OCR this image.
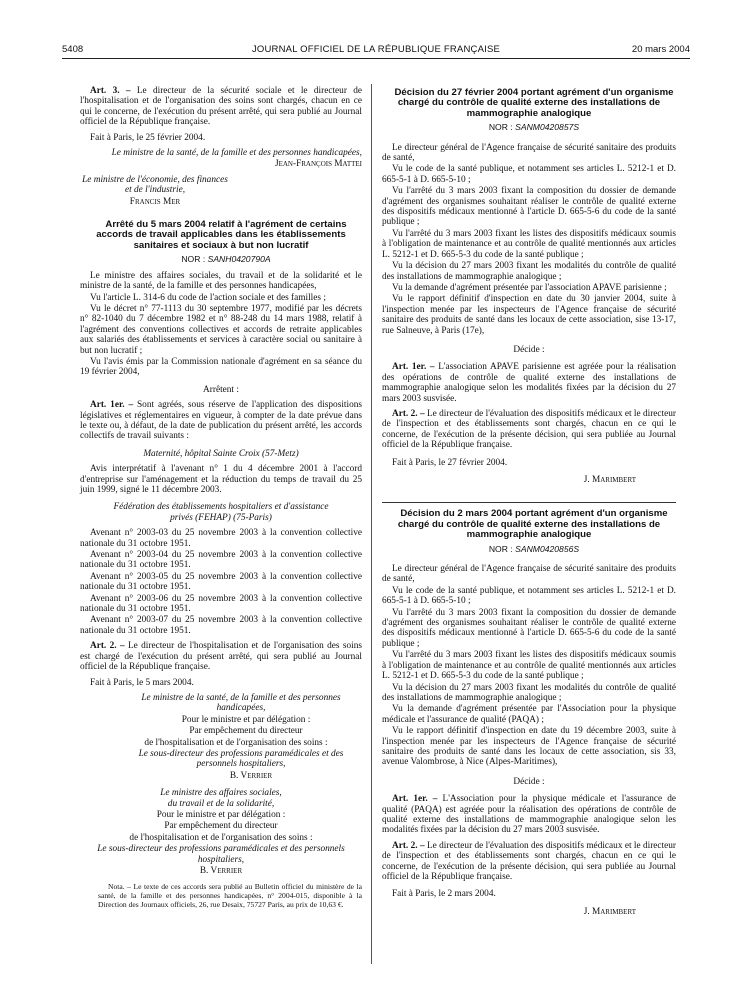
5408	JOURNAL OFFICIEL DE LA RÉPUBLIQUE FRANÇAISE	20 mars 2004

Art. 3. – Le directeur de la sécurité sociale et le directeur de l'hospitalisation et de l'organisation des soins sont chargés, chacun en ce qui le concerne, de l'exécution du présent arrêté, qui sera publié au Journal officiel de la République française.

Fait à Paris, le 25 février 2004.

Le ministre de la santé, de la famille et des personnes handicapées,

Jean-François Mattei

Le ministre de l'économie, des finances et de l'industrie,

Francis Mer

Arrêté du 5 mars 2004 relatif à l'agrément de certains accords de travail applicables dans les établissements sanitaires et sociaux à but non lucratif

NOR : SANH0420790A

Le ministre des affaires sociales, du travail et de la solidarité et le ministre de la santé, de la famille et des personnes handicapées,

Vu l'article L. 314-6 du code de l'action sociale et des familles ;

Vu le décret n° 77-1113 du 30 septembre 1977, modifié par les décrets n° 82-1040 du 7 décembre 1982 et n° 88-248 du 14 mars 1988, relatif à l'agrément des conventions collectives et accords de retraite applicables aux salariés des établissements et services à caractère social ou sanitaire à but non lucratif ;

Vu l'avis émis par la Commission nationale d'agrément en sa séance du 19 février 2004,

Arrêtent :

Art. 1er. – Sont agréés, sous réserve de l'application des dispositions législatives et réglementaires en vigueur, à compter de la date prévue dans le texte ou, à défaut, de la date de publication du présent arrêté, les accords collectifs de travail suivants :

Maternité, hôpital Sainte Croix (57-Metz)

Avis interprétatif à l'avenant n° 1 du 4 décembre 2001 à l'accord d'entreprise sur l'aménagement et la réduction du temps de travail du 25 juin 1999, signé le 11 décembre 2003.

Fédération des établissements hospitaliers et d'assistance privés (FEHAP) (75-Paris)

Avenant n° 2003-03 du 25 novembre 2003 à la convention collective nationale du 31 octobre 1951.

Avenant n° 2003-04 du 25 novembre 2003 à la convention collective nationale du 31 octobre 1951.

Avenant n° 2003-05 du 25 novembre 2003 à la convention collective nationale du 31 octobre 1951.

Avenant n° 2003-06 du 25 novembre 2003 à la convention collective nationale du 31 octobre 1951.

Avenant n° 2003-07 du 25 novembre 2003 à la convention collective nationale du 31 octobre 1951.

Art. 2. – Le directeur de l'hospitalisation et de l'organisation des soins est chargé de l'exécution du présent arrêté, qui sera publié au Journal officiel de la République française.

Fait à Paris, le 5 mars 2004.

Le ministre de la santé, de la famille et des personnes handicapées,

Pour le ministre et par délégation :

Par empêchement du directeur

de l'hospitalisation et de l'organisation des soins :

Le sous-directeur des professions paramédicales et des personnels hospitaliers,

B. Verrier

Le ministre des affaires sociales, du travail et de la solidarité,

Pour le ministre et par délégation :

Par empêchement du directeur

de l'hospitalisation et de l'organisation des soins :

Le sous-directeur des professions paramédicales et des personnels hospitaliers,

B. Verrier

Nota. – Le texte de ces accords sera publié au Bulletin officiel du ministère de la santé, de la famille et des personnes handicapées, n° 2004-015, disponible à la Direction des Journaux officiels, 26, rue Desaix, 75727 Paris, au prix de 10,63 €.

Décision du 27 février 2004 portant agrément d'un organisme chargé du contrôle de qualité externe des installations de mammographie analogique

NOR : SANM0420857S

Le directeur général de l'Agence française de sécurité sanitaire des produits de santé,

Vu le code de la santé publique, et notamment ses articles L. 5212-1 et D. 665-5-1 à D. 665-5-10 ;

Vu l'arrêté du 3 mars 2003 fixant la composition du dossier de demande d'agrément des organismes souhaitant réaliser le contrôle de qualité externe des dispositifs médicaux mentionné à l'article D. 665-5-6 du code de la santé publique ;

Vu l'arrêté du 3 mars 2003 fixant les listes des dispositifs médicaux soumis à l'obligation de maintenance et au contrôle de qualité mentionnés aux articles L. 5212-1 et D. 665-5-3 du code de la santé publique ;

Vu la décision du 27 mars 2003 fixant les modalités du contrôle de qualité des installations de mammographie analogique ;

Vu la demande d'agrément présentée par l'association APAVE parisienne ;

Vu le rapport définitif d'inspection en date du 30 janvier 2004, suite à l'inspection menée par les inspecteurs de l'Agence française de sécurité sanitaire des produits de santé dans les locaux de cette association, sise 13-17, rue Salneuve, à Paris (17e),

Décide :

Art. 1er. – L'association APAVE parisienne est agréée pour la réalisation des opérations de contrôle de qualité externe des installations de mammographie analogique selon les modalités fixées par la décision du 27 mars 2003 susvisée.

Art. 2. – Le directeur de l'évaluation des dispositifs médicaux et le directeur de l'inspection et des établissements sont chargés, chacun en ce qui le concerne, de l'exécution de la présente décision, qui sera publiée au Journal officiel de la République française.

Fait à Paris, le 27 février 2004.

J. Marimbert

Décision du 2 mars 2004 portant agrément d'un organisme chargé du contrôle de qualité externe des installations de mammographie analogique

NOR : SANM0420856S

Le directeur général de l'Agence française de sécurité sanitaire des produits de santé,

Vu le code de la santé publique, et notamment ses articles L. 5212-1 et D. 665-5-1 à D. 665-5-10 ;

Vu l'arrêté du 3 mars 2003 fixant la composition du dossier de demande d'agrément des organismes souhaitant réaliser le contrôle de qualité externe des dispositifs médicaux mentionné à l'article D. 665-5-6 du code de la santé publique ;

Vu l'arrêté du 3 mars 2003 fixant les listes des dispositifs médicaux soumis à l'obligation de maintenance et au contrôle de qualité mentionnés aux articles L. 5212-1 et D. 665-5-3 du code de la santé publique ;

Vu la décision du 27 mars 2003 fixant les modalités du contrôle de qualité des installations de mammographie analogique ;

Vu la demande d'agrément présentée par l'Association pour la physique médicale et l'assurance de qualité (PAQA) ;

Vu le rapport définitif d'inspection en date du 19 décembre 2003, suite à l'inspection menée par les inspecteurs de l'Agence française de sécurité sanitaire des produits de santé dans les locaux de cette association, sis 33, avenue Valombrose, à Nice (Alpes-Maritimes),

Décide :

Art. 1er. – L'Association pour la physique médicale et l'assurance de qualité (PAQA) est agréée pour la réalisation des opérations de contrôle de qualité externe des installations de mammographie analogique selon les modalités fixées par la décision du 27 mars 2003 susvisée.

Art. 2. – Le directeur de l'évaluation des dispositifs médicaux et le directeur de l'inspection et des établissements sont chargés, chacun en ce qui le concerne, de l'exécution de la présente décision, qui sera publiée au Journal officiel de la République française.

Fait à Paris, le 2 mars 2004.

J. Marimbert
